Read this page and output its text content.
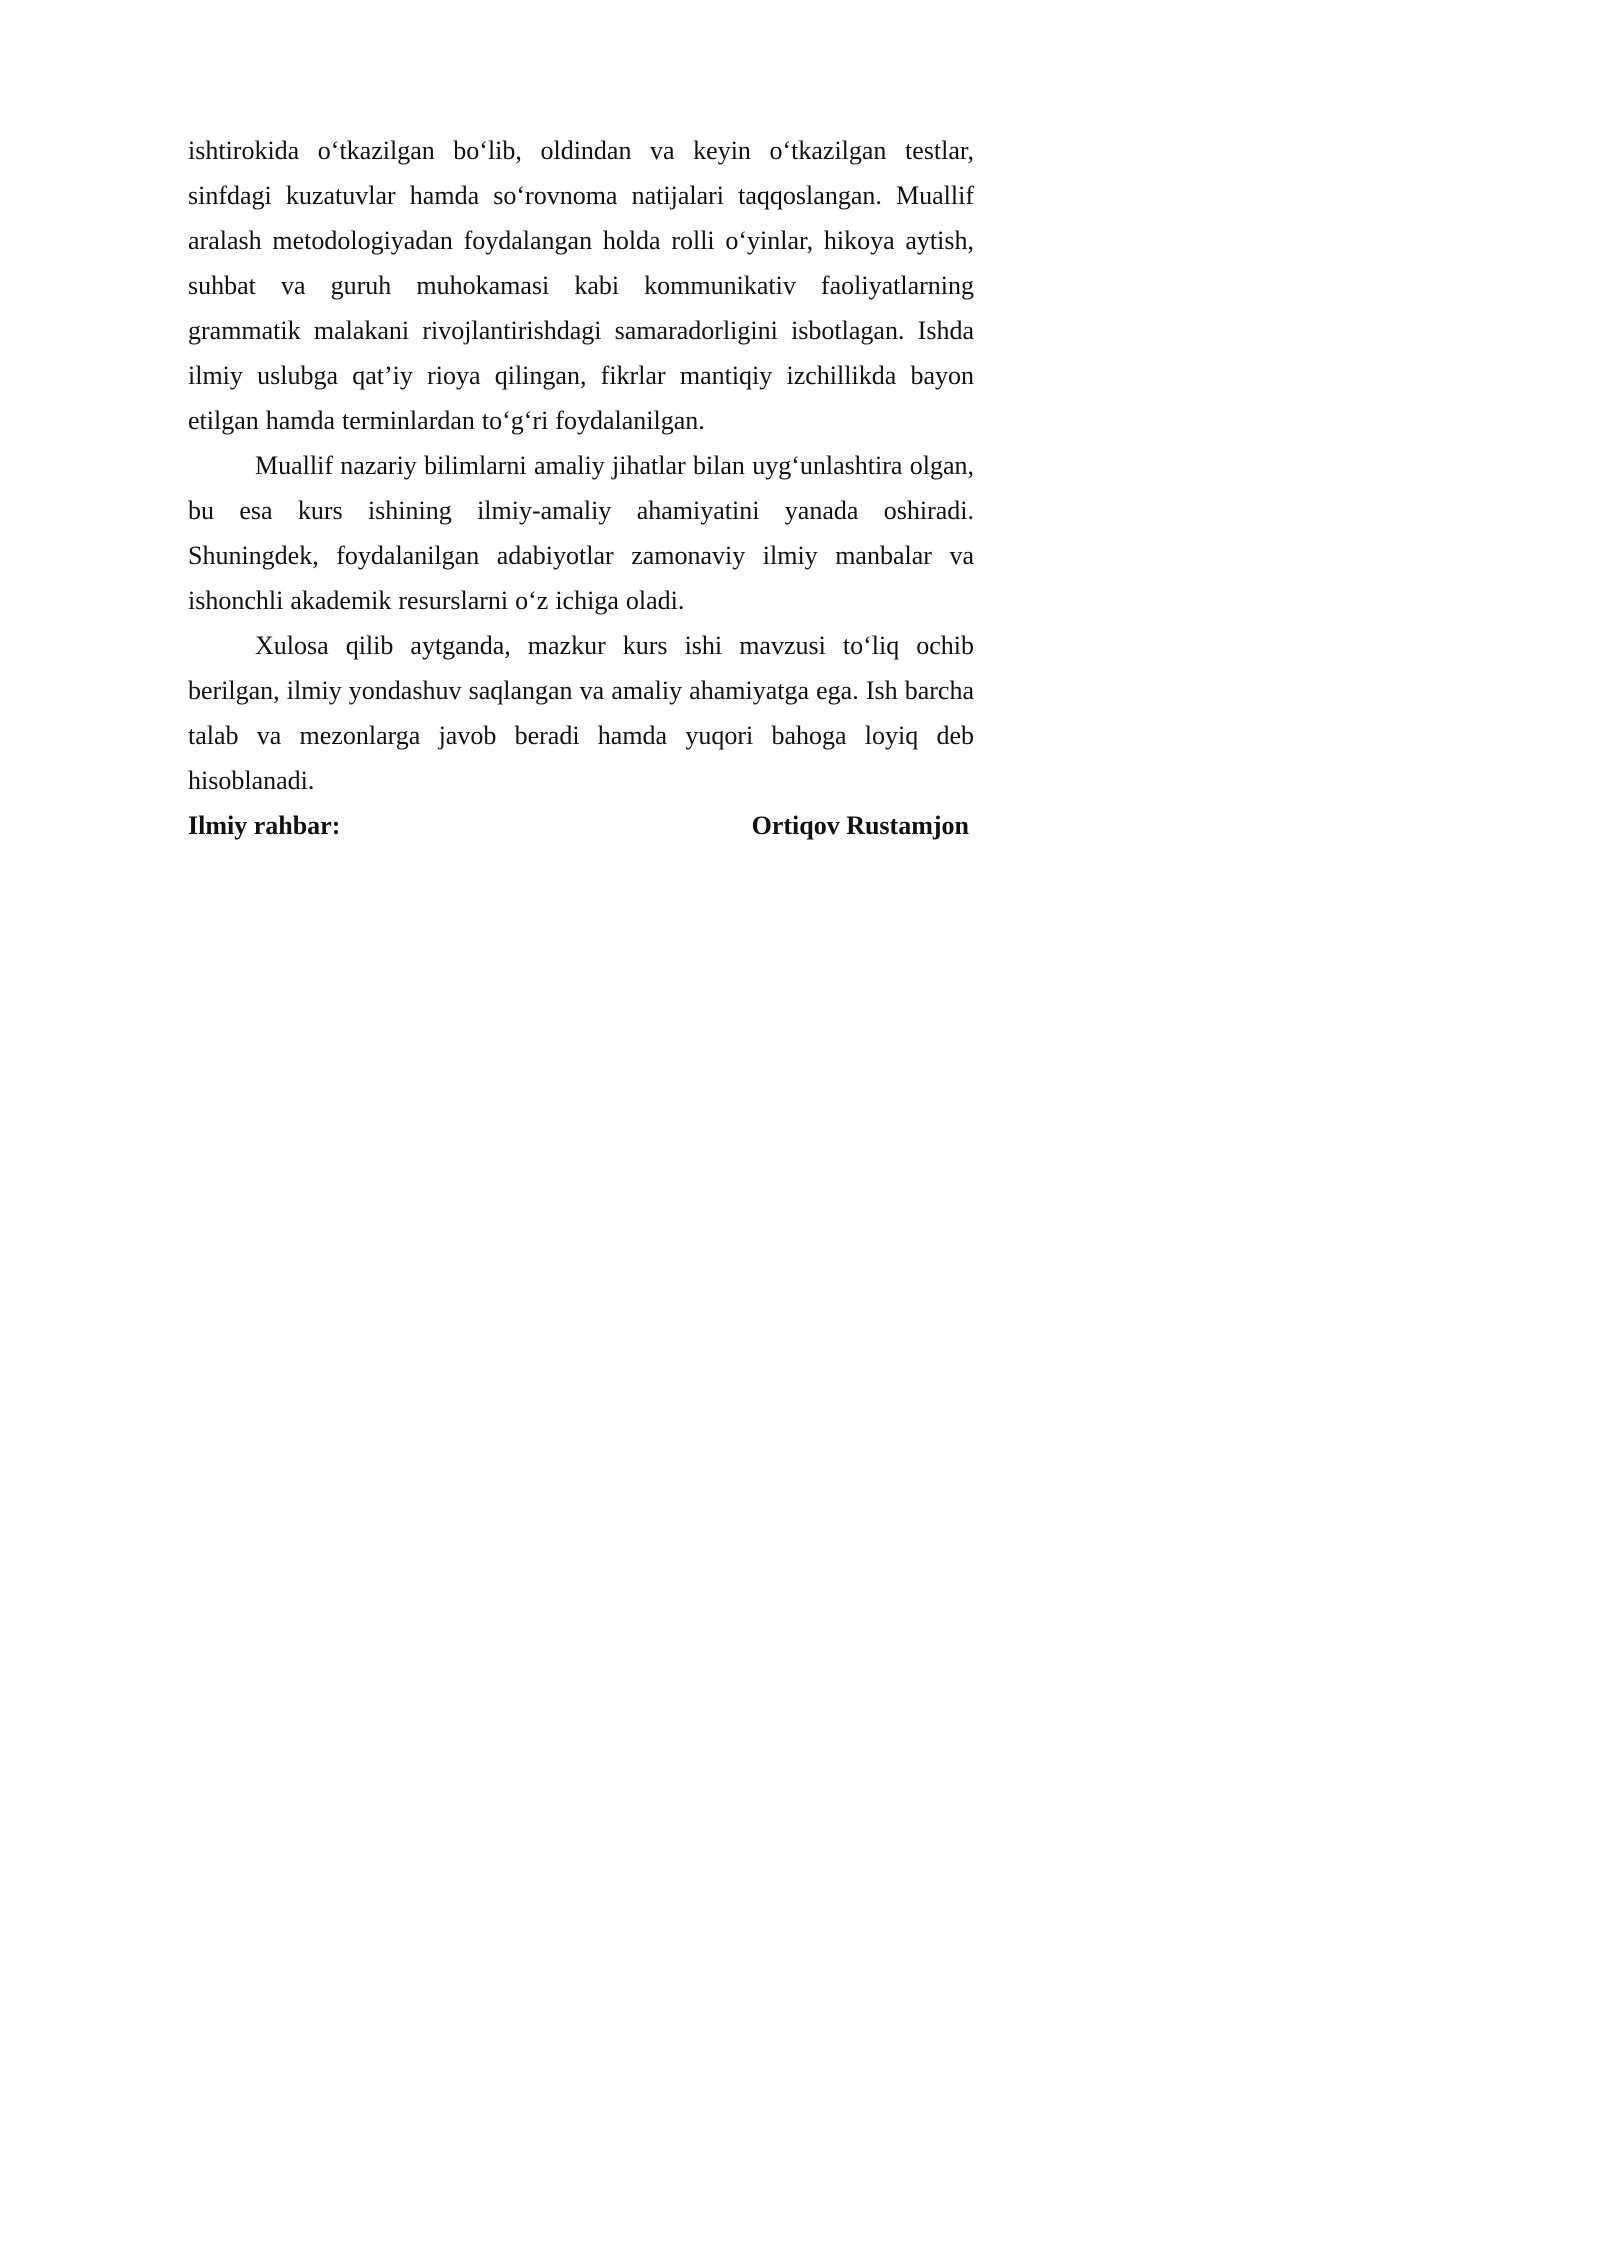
ishtirokida o‘tkazilgan bo‘lib, oldindan va keyin o‘tkazilgan testlar, sinfdagi kuzatuvlar hamda so‘rovnoma natijalari taqqoslangan. Muallif aralash metodologiyadan foydalangan holda rolli o‘yinlar, hikoya aytish, suhbat va guruh muhokamasi kabi kommunikativ faoliyatlarning grammatik malakani rivojlantirishdagi samaradorligini isbotlagan. Ishda ilmiy uslubga qat’iy rioya qilingan, fikrlar mantiqiy izchillikda bayon etilgan hamda terminlardan to‘g‘ri foydalanilgan.

Muallif nazariy bilimlarni amaliy jihatlar bilan uyg‘unlashtira olgan, bu esa kurs ishining ilmiy-amaliy ahamiyatini yanada oshiradi. Shuningdek, foydalanilgan adabiyotlar zamonaviy ilmiy manbalar va ishonchli akademik resurslarni o‘z ichiga oladi.

Xulosa qilib aytganda, mazkur kurs ishi mavzusi to‘liq ochib berilgan, ilmiy yondashuv saqlangan va amaliy ahamiyatga ega. Ish barcha talab va mezonlarga javob beradi hamda yuqori bahoga loyiq deb hisoblanadi.

Ilmiy rahbar:	Ortiqov Rustamjon
